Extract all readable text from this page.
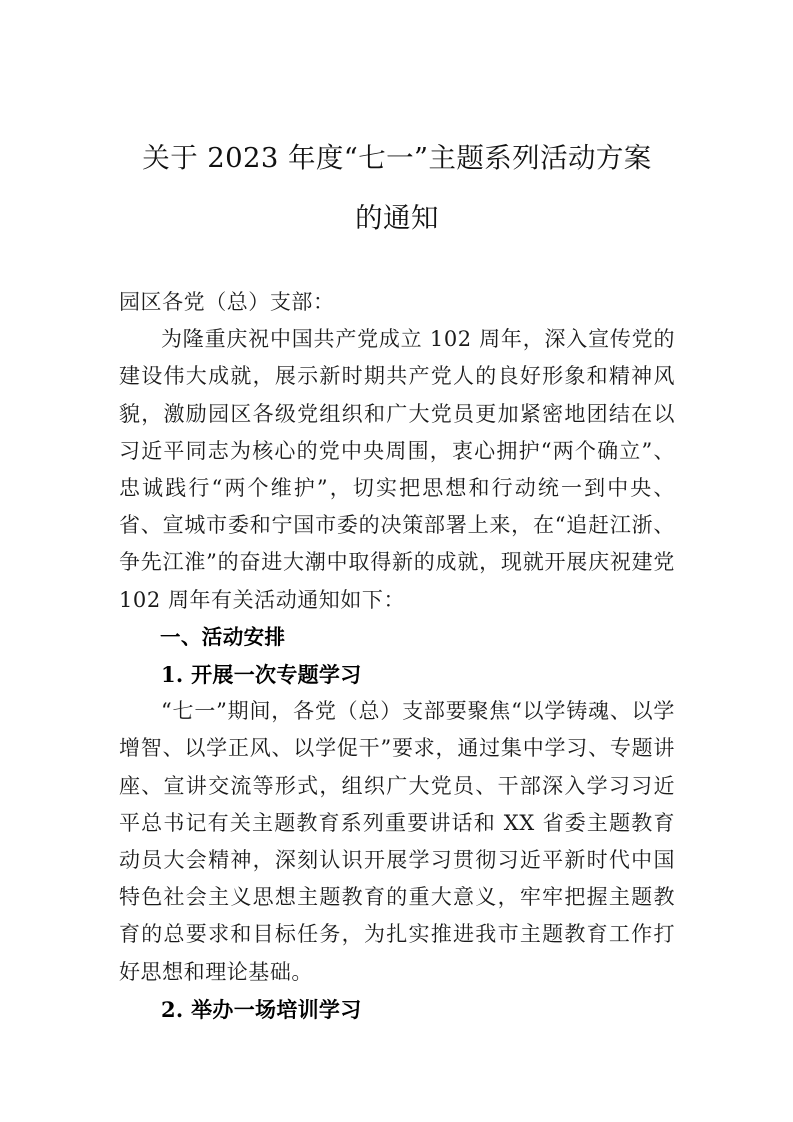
关于 2023 年度“七一”主题系列活动方案
的通知

园区各党（总）支部：

为隆重庆祝中国共产党成立 102 周年，深入宣传党的建设伟大成就，展示新时期共产党人的良好形象和精神风貌，激励园区各级党组织和广大党员更加紧密地团结在以习近平同志为核心的党中央周围，衷心拥护“两个确立”、忠诚践行“两个维护”，切实把思想和行动统一到中央、省、宣城市委和宁国市委的决策部署上来，在“追赶江浙、争先江淮”的奋进大潮中取得新的成就，现就开展庆祝建党 102 周年有关活动通知如下：

一、活动安排
1. 开展一次专题学习

“七一”期间，各党（总）支部要聚焦“以学铸魂、以学增智、以学正风、以学促干”要求，通过集中学习、专题讲座、宣讲交流等形式，组织广大党员、干部深入学习习近平总书记有关主题教育系列重要讲话和 XX 省委主题教育动员大会精神，深刻认识开展学习贯彻习近平新时代中国特色社会主义思想主题教育的重大意义，牢牢把握主题教育的总要求和目标任务，为扎实推进我市主题教育工作打好思想和理论基础。

2. 举办一场培训学习
